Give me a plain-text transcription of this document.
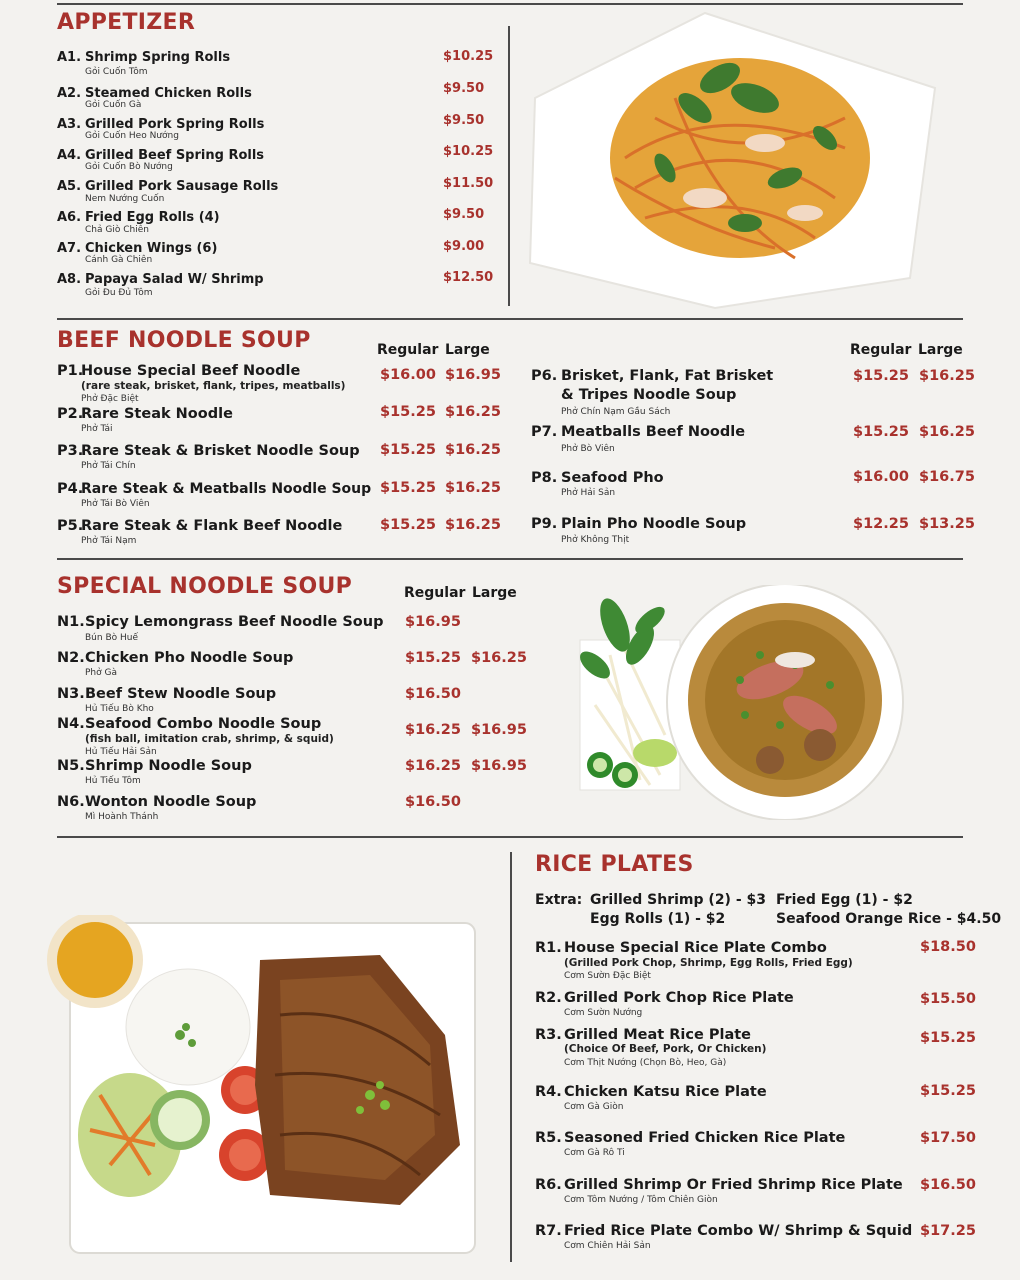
APPETIZER
A1. Shrimp Spring Rolls
Gỏi Cuốn Tôm
$10.25
A2. Steamed Chicken Rolls
Gỏi Cuốn Gà
$9.50
A3. Grilled Pork Spring Rolls
Gỏi Cuốn Heo Nướng
$9.50
A4. Grilled Beef Spring Rolls
Gỏi Cuốn Bò Nướng
$10.25
A5. Grilled Pork Sausage Rolls
Nem Nướng Cuốn
$11.50
A6. Fried Egg Rolls (4)
Chả Giò Chiên
$9.50
A7. Chicken Wings (6)
Cánh Gà Chiên
$9.00
A8. Papaya Salad W/ Shrimp
Gỏi Đu Đủ Tôm
$12.50
BEEF NOODLE SOUP	Regular Large	Regular Large
P1.
House Special Beef Noodle
(rare steak, brisket, flank, tripes, meatballs)
Phở Đặc Biệt
$16.00 $16.95
P2.
Rare Steak Noodle
Phở Tái
$15.25 $16.25
P3.
Rare Steak & Brisket Noodle Soup
Phở Tái Chín
$15.25 $16.25
P4.
Rare Steak & Meatballs Noodle Soup
Phở Tái Bò Viên
$15.25 $16.25
P5.
Rare Steak & Flank Beef Noodle
Phở Tái Nạm
$15.25 $16.25
P6. Brisket, Flank, Fat Brisket
& Tripes Noodle Soup
Phở Chín Nạm Gầu Sách
$15.25 $16.25
P7. Meatballs Beef Noodle
Phở Bò Viên
$15.25 $16.25
P8. Seafood Pho
Phở Hải Sản
$16.00 $16.75
P9. Plain Pho Noodle Soup
Phở Không Thịt
$12.25 $13.25
SPECIAL NOODLE SOUP	Regular Large
N1. Spicy Lemongrass Beef Noodle Soup
Bún Bò Huế
$16.95
N2. Chicken Pho Noodle Soup
Phở Gà
$15.25 $16.25
N3. Beef Stew Noodle Soup
Hủ Tiếu Bò Kho
$16.50
N4. Seafood Combo Noodle Soup
(fish ball, imitation crab, shrimp, & squid)
Hủ Tiếu Hải Sản
$16.25 $16.95
N5. Shrimp Noodle Soup
Hủ Tiếu Tôm
$16.25 $16.95
N6. Wonton Noodle Soup
Mì Hoành Thánh
$16.50
RICE PLATES
Extra: Grilled Shrimp (2) - $3 Fried Egg (1) - $2
Egg Rolls (1) - $2	Seafood Orange Rice - $4.50
R1. House Special Rice Plate Combo
(Grilled Pork Chop, Shrimp, Egg Rolls, Fried Egg)
Cơm Sườn Đặc Biệt
$18.50
R2. Grilled Pork Chop Rice Plate
Cơm Sườn Nướng
$15.50
R3. Grilled Meat Rice Plate
(Choice Of Beef, Pork, Or Chicken)
Cơm Thịt Nướng (Chọn Bò, Heo, Gà)
$15.25
R4. Chicken Katsu Rice Plate
Cơm Gà Giòn
$15.25
R5. Seasoned Fried Chicken Rice Plate
Cơm Gà Rô Ti
$17.50
R6. Grilled Shrimp Or Fried Shrimp Rice Plate
Cơm Tôm Nướng / Tôm Chiên Giòn
$16.50
R7. Fried Rice Plate Combo W/ Shrimp & Squid
Cơm Chiên Hải Sản
$17.25
